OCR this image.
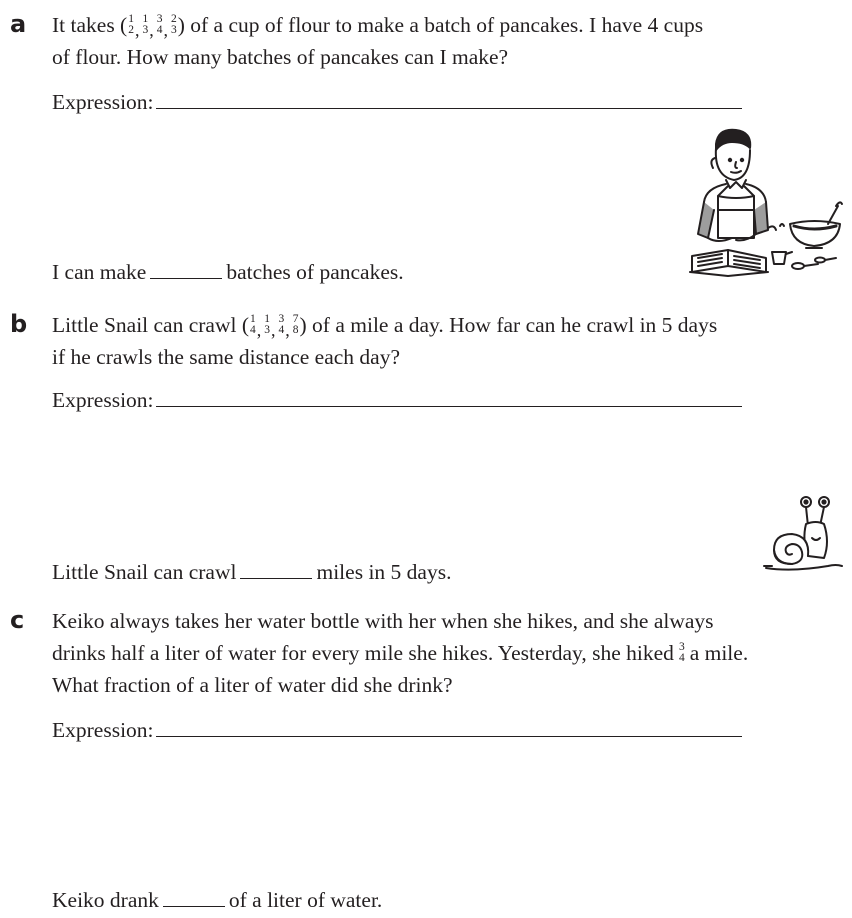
a It takes ( 1
2 ,
1
3 ,
3
4 ,
2
3 ) of a cup of flour to make a batch of pancakes. I have 4 cups
of flour. How many batches of pancakes can I make?
Expression:
I can make	batches of pancakes.
b Little Snail can crawl ( 1
4 ,
1
3 ,
3
4 ,
7
8 ) of a mile a day. How far can he crawl in 5 days
if he crawls the same distance each day?
Expression:
Little Snail can crawl	miles in 5 days.
c Keiko always takes her water bottle with her when she hikes, and she always
drinks half a liter of water for every mile she hikes. Yesterday, she hiked 3
4 a mile.
What fraction of a liter of water did she drink?
Expression:
Keiko drank	of a liter of water.
